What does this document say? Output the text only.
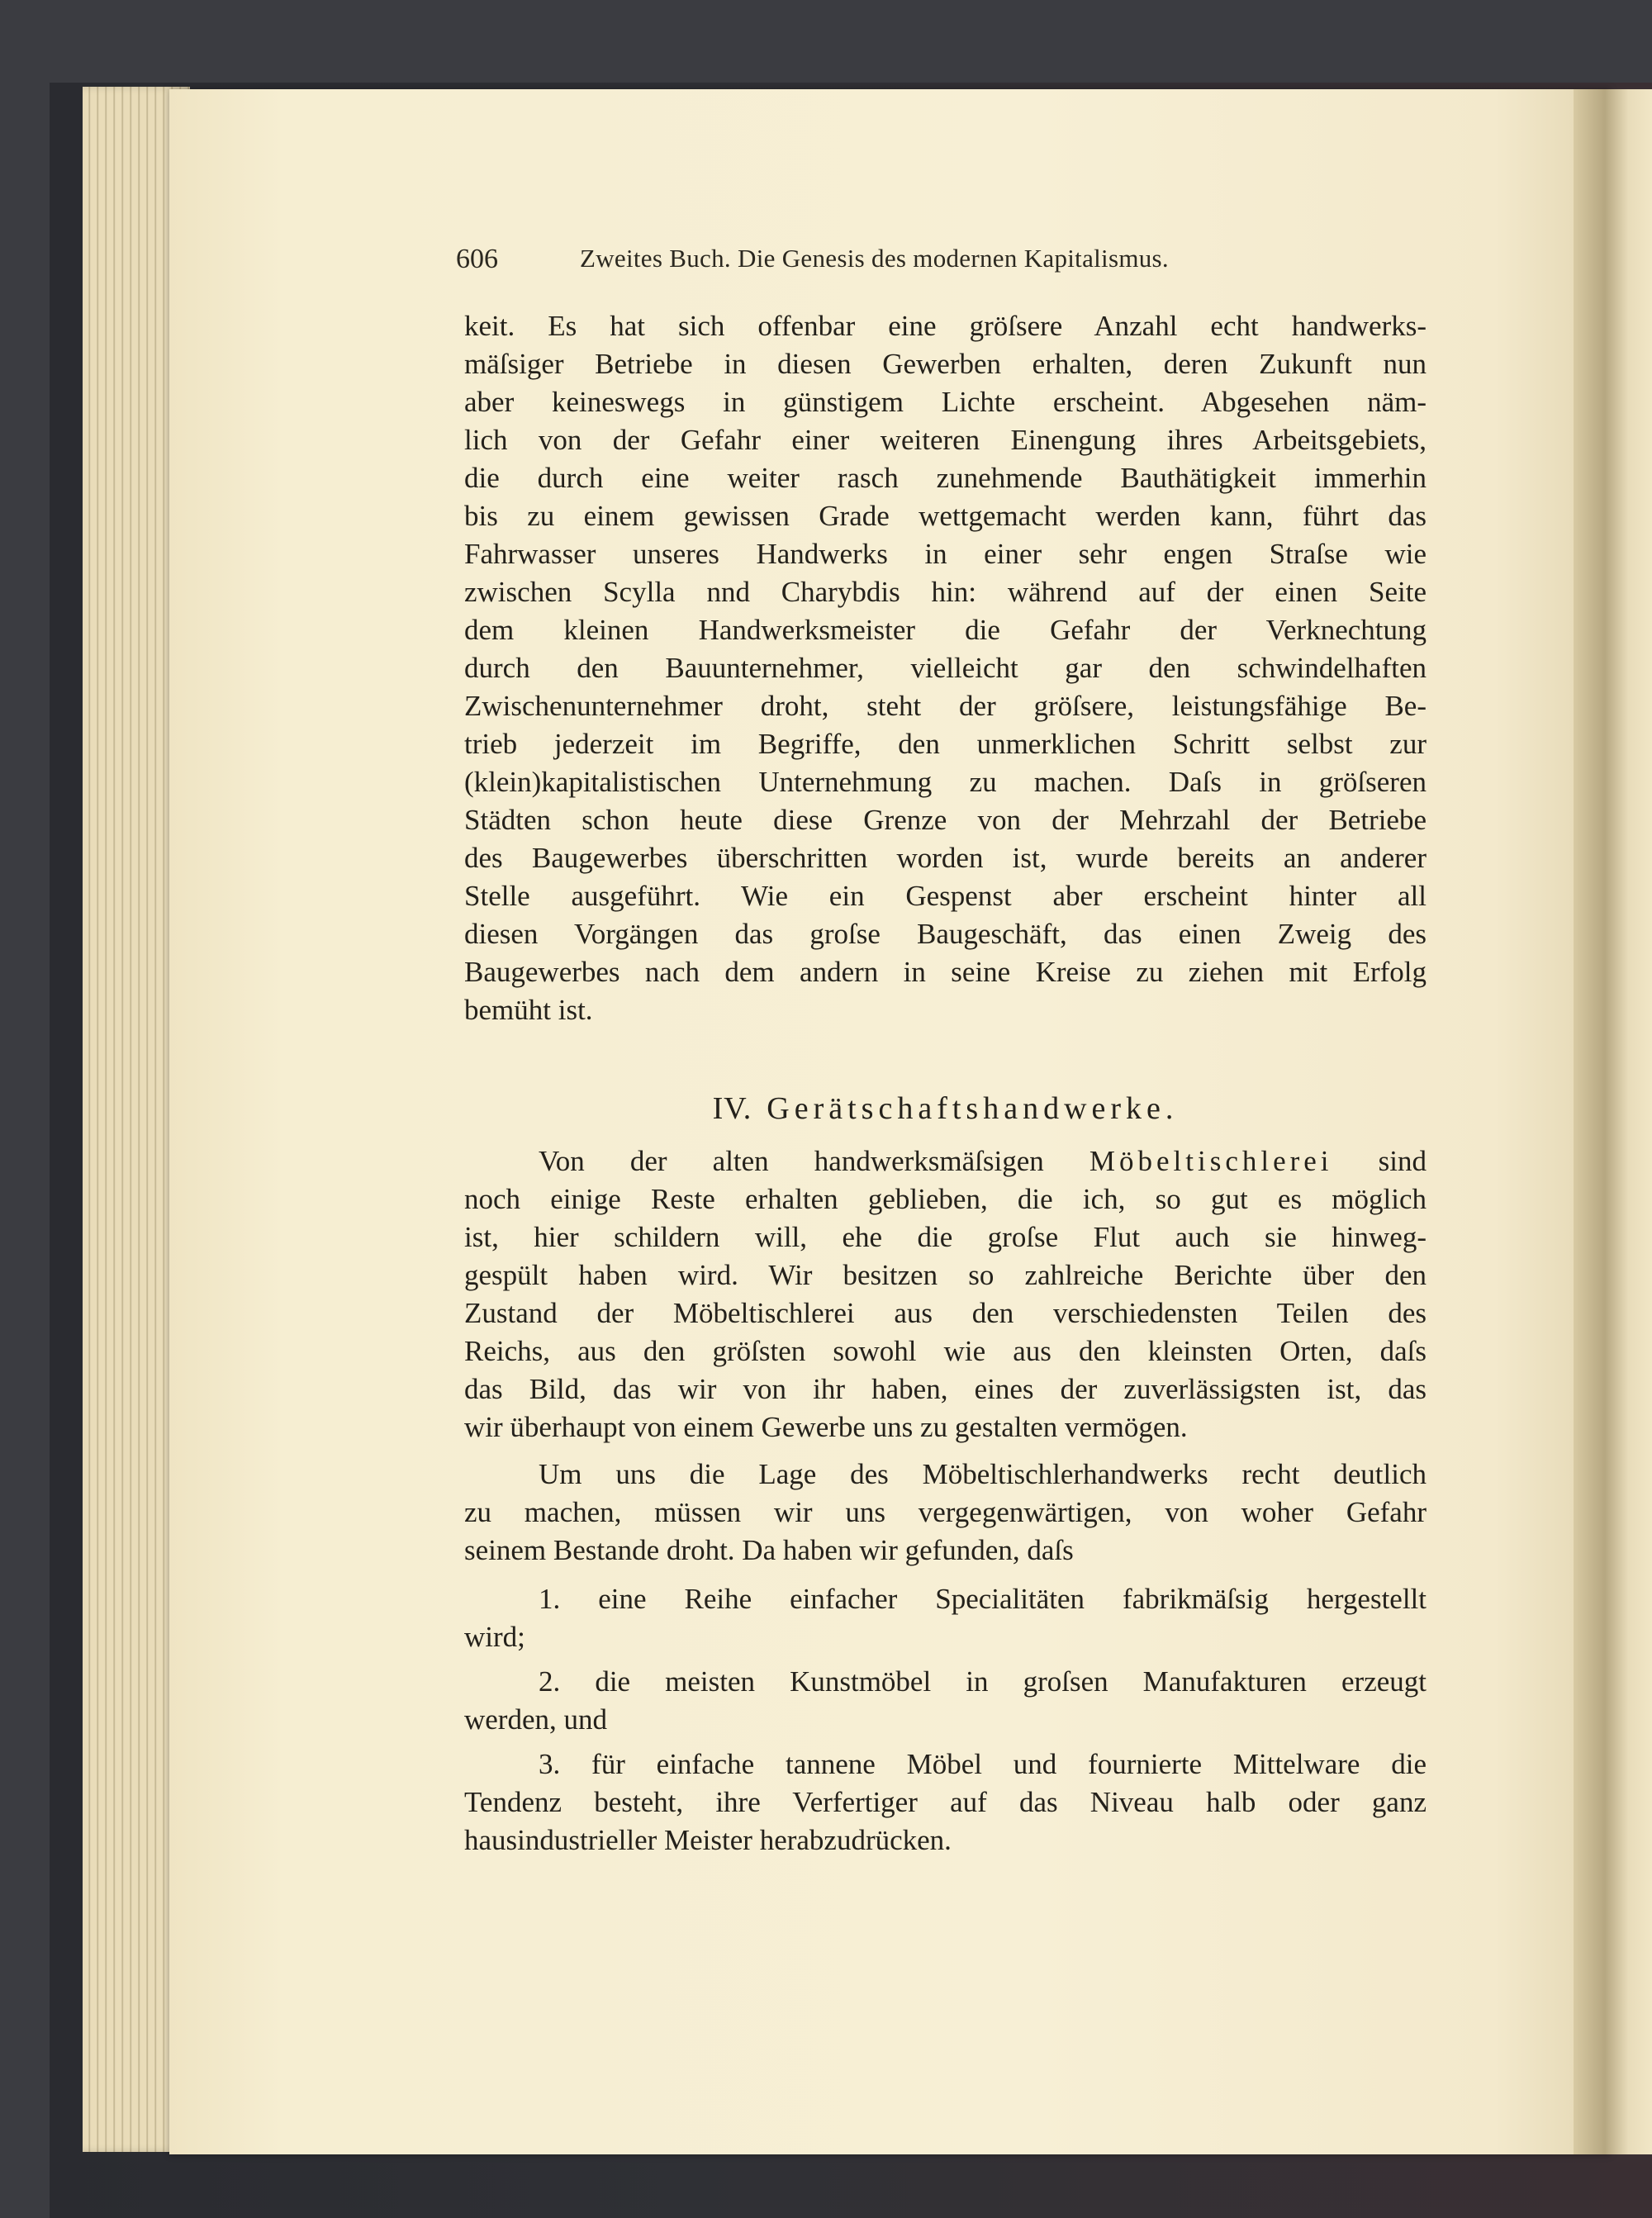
606	Zweites Buch. Die Genesis des modernen Kapitalismus.
keit. Es hat sich offenbar eine gröſsere Anzahl echt handwerks-
mäſsiger Betriebe in diesen Gewerben erhalten, deren Zukunft nun
aber keineswegs in günstigem Lichte erscheint. Abgesehen näm-
lich von der Gefahr einer weiteren Einengung ihres Arbeitsgebiets,
die durch eine weiter rasch zunehmende Bauthätigkeit immerhin
bis zu einem gewissen Grade wettgemacht werden kann, führt das
Fahrwasser unseres Handwerks in einer sehr engen Straſse wie
zwischen Scylla nnd Charybdis hin: während auf der einen Seite
dem kleinen Handwerksmeister die Gefahr der Verknechtung
durch den Bauunternehmer, vielleicht gar den schwindelhaften
Zwischenunternehmer droht, steht der gröſsere, leistungsfähige Be-
trieb jederzeit im Begriffe, den unmerklichen Schritt selbst zur
(klein)kapitalistischen Unternehmung zu machen. Daſs in gröſseren
Städten schon heute diese Grenze von der Mehrzahl der Betriebe
des Baugewerbes überschritten worden ist, wurde bereits an anderer
Stelle ausgeführt. Wie ein Gespenst aber erscheint hinter all
diesen Vorgängen das groſse Baugeschäft, das einen Zweig des
Baugewerbes nach dem andern in seine Kreise zu ziehen mit Erfolg
bemüht ist.
IV. Gerätschaftshandwerke.
Von der alten handwerksmäſsigen Möbeltischlerei sind
noch einige Reste erhalten geblieben, die ich, so gut es möglich
ist, hier schildern will, ehe die groſse Flut auch sie hinweg-
gespült haben wird. Wir besitzen so zahlreiche Berichte über den
Zustand der Möbeltischlerei aus den verschiedensten Teilen des
Reichs, aus den gröſsten sowohl wie aus den kleinsten Orten, daſs
das Bild, das wir von ihr haben, eines der zuverlässigsten ist, das
wir überhaupt von einem Gewerbe uns zu gestalten vermögen.
Um uns die Lage des Möbeltischlerhandwerks recht deutlich
zu machen, müssen wir uns vergegenwärtigen, von woher Gefahr
seinem Bestande droht. Da haben wir gefunden, daſs
1. eine Reihe einfacher Specialitäten fabrikmäſsig hergestellt
wird;
2. die meisten Kunstmöbel in groſsen Manufakturen erzeugt
werden, und
3. für einfache tannene Möbel und fournierte Mittelware die
Tendenz besteht, ihre Verfertiger auf das Niveau halb oder ganz
hausindustrieller Meister herabzudrücken.
